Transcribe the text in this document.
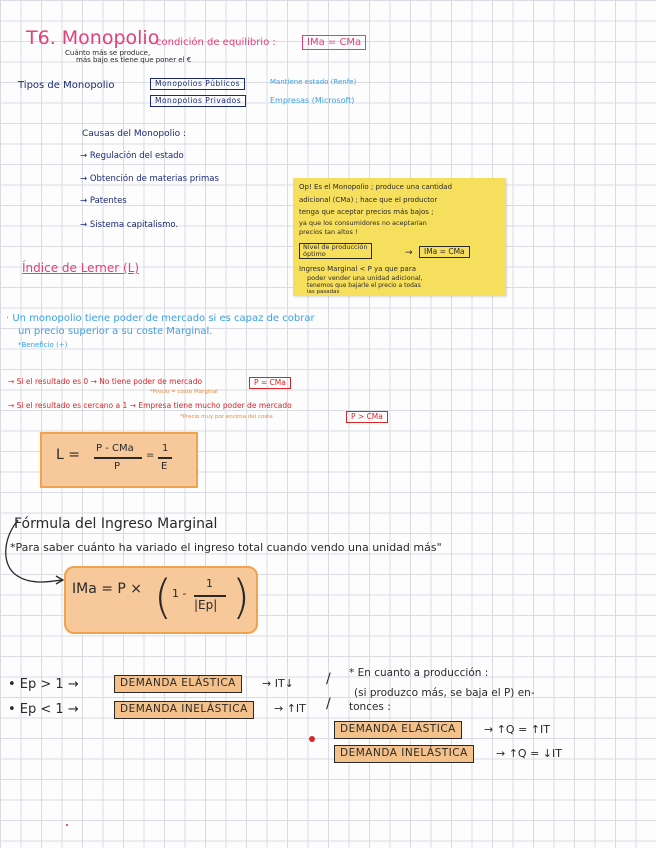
T6. Monopolio
condición de equilibrio :	IMa = CMa
Cuánto más se produce,
más bajo es tiene que poner el €
Tipos de Monopolio	Monopolios Públicos	Mantiene estado (Renfe)
Monopolios Privados	Empresas (Microsoft)
Causas del Monopolio :
→ Regulación del estado
→ Obtención de materias primas
→ Patentes
→ Sistema capitalismo.
Op! Es el Monopolio ; produce una cantidad
adicional (CMa) ; hace que el productor
tenga que aceptar precios más bajos ;
ya que los consumidores no aceptarían
precios tan altos !
Nivel de producción
óptimo	→	IMa = CMa
Ingreso Marginal < P ya que para
poder vender una unidad adicional,
tenemos que bajarle el precio a todas
las pasadas
Índice de Lerner (L)
· Un monopolio tiene poder de mercado si es capaz de cobrar
un precio superior a su coste Marginal.
*Beneficio (+)
→ Si el resultado es 0 → No tiene poder de mercado	P = CMa
*Precio = coste Marginal
→ Si el resultado es cercano a 1 → Empresa tiene mucho poder de mercado
*Precio muy por encima del coste	P > CMa
L = P - CMa
P
=
1
E
Fórmula del Ingreso Marginal
*Para saber cuánto ha variado el ingreso total cuando vendo una unidad más"
IMa = P × ( 1 -
1
|Ep| )
• Ep > 1 →	DEMANDA ELÁSTICA	→ IT↓
• Ep < 1 →	DEMANDA INELÁSTICA	→ ↑IT
/
/
* En cuanto a producción :
(si produzco más, se baja el P) en-
tonces :
DEMANDA ELÁSTICA	→ ↑Q = ↑IT
DEMANDA INELÁSTICA	→ ↑Q = ↓IT
